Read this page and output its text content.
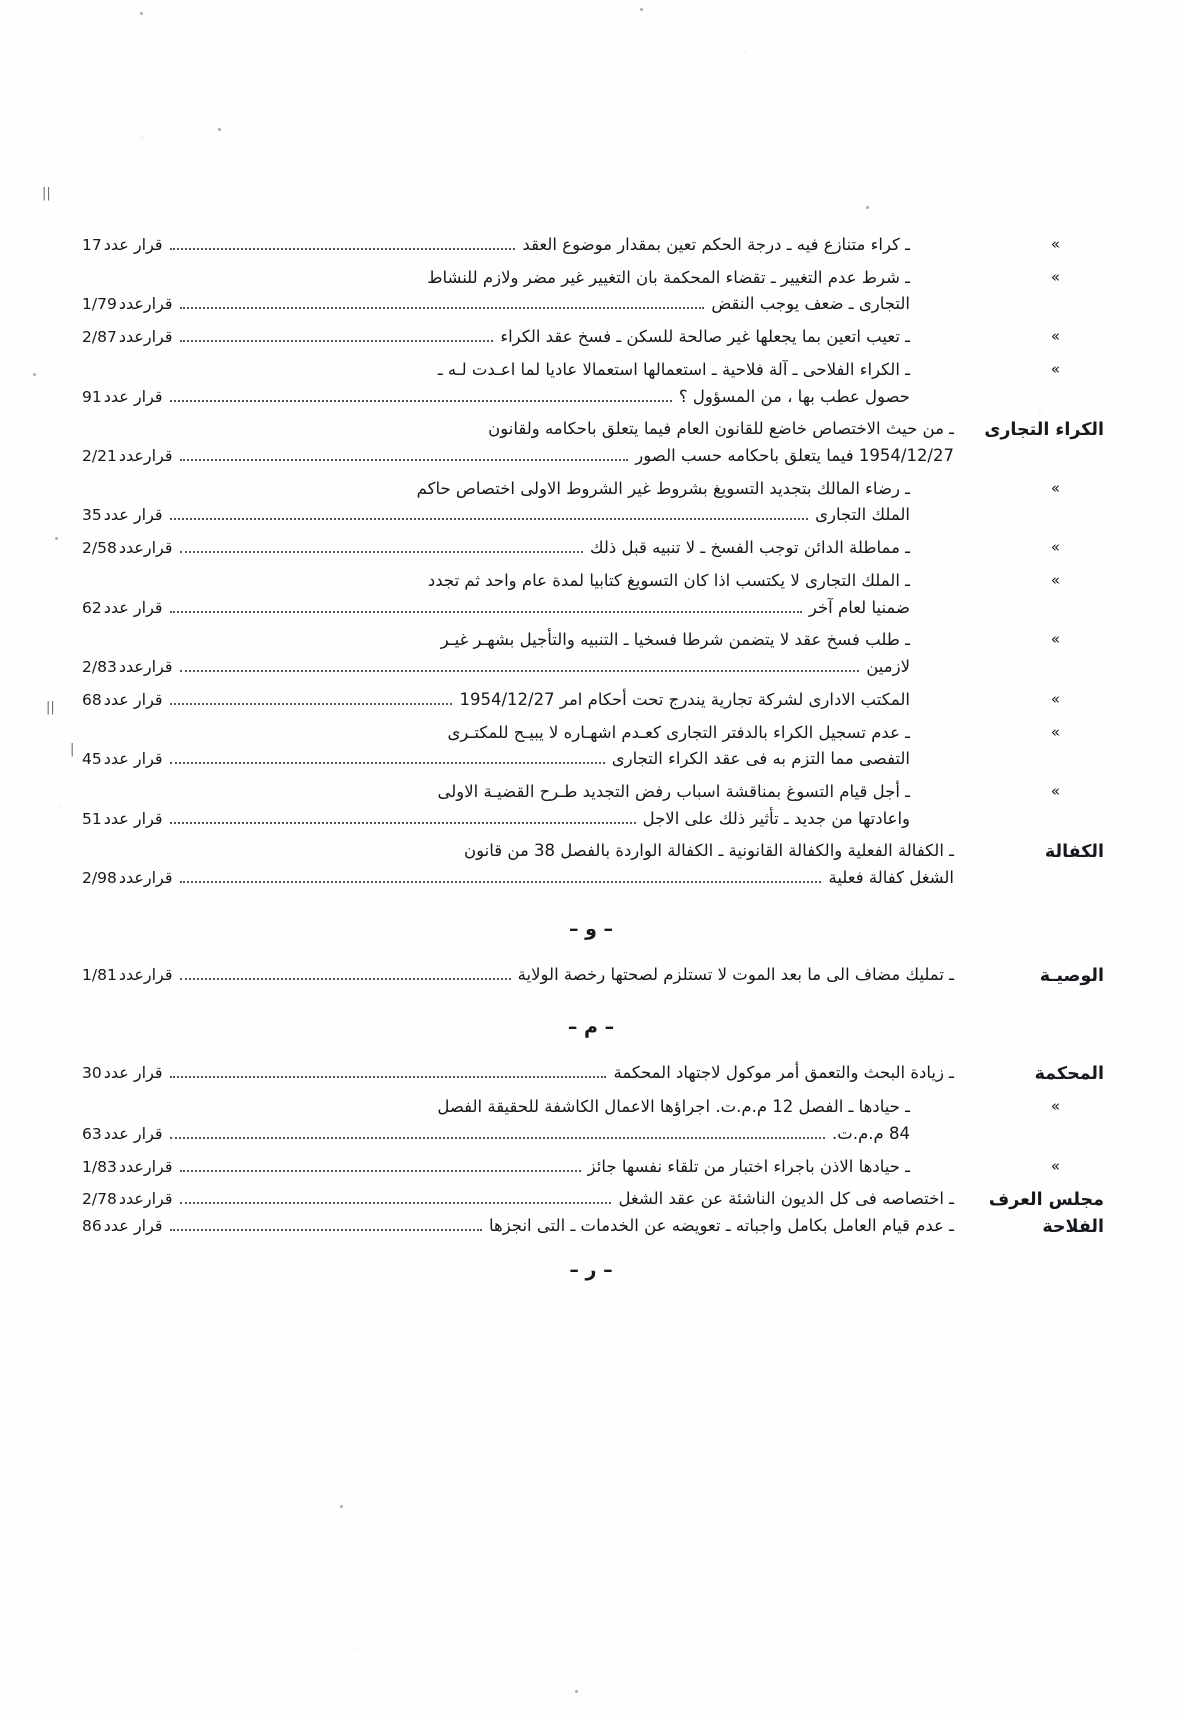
||
||
|
»
ـ كراء متنازع فيه ـ درجة الحكم تعين بمقدار موضوع العقد
قرار عدد
17
»
ـ شرط عدم التغيير ـ تقضاء المحكمة بان التغيير غير مضر ولازم للنشاط
التجارى ـ ضعف يوجب النقض
قرارعدد
1/79
»
ـ تعيب اتعين بما يجعلها غير صالحة للسكن ـ فسخ عقد الكراء
قرارعدد
2/87
»
ـ الكراء الفلاحى ـ آلة فلاحية ـ استعمالها استعمالا عاديا لما اعـدت لـه ـ
حصول عطب بها ، من المسؤول ؟
قرار عدد
91
الكراء التجارى
ـ من حيث الاختصاص خاضع للقانون العام فيما يتعلق باحكامه ولقانون
1954/12/27 فيما يتعلق باحكامه حسب الصور
قرارعدد
2/21
»
ـ رضاء المالك بتجديد التسويغ بشروط غير الشروط الاولى اختصاص حاكم
الملك التجارى
قرار عدد
35
»
ـ مماطلة الدائن توجب الفسخ ـ لا تنبيه قبل ذلك
قرارعدد
2/58
»
ـ الملك التجارى لا يكتسب اذا كان التسويغ كتابيا لمدة عام واحد ثم تجدد
ضمنيا لعام آخر
قرار عدد
62
»
ـ طلب فسخ عقد لا يتضمن شرطا فسخيا ـ التنبيه والتأجيل بشهـر غيـر
لازمين
قرارعدد
2/83
»
المكتب الادارى لشركة تجارية يندرج تحت أحكام امر 1954/12/27
قرار عدد
68
»
ـ عدم تسجيل الكراء بالدفتر التجارى كعـدم اشهـاره لا يبيـح للمكتـرى
التفصى مما التزم به فى عقد الكراء التجارى
قرار عدد
45
»
ـ أجل قيام التسوغ بمناقشة اسباب رفض التجديد طـرح القضيـة الاولى
واعادتها من جديد ـ تأثير ذلك على الاجل
قرار عدد
51
الكفالة
ـ الكفالة الفعلية والكفالة القانونية ـ الكفالة الواردة بالفصل 38 من قانون
الشغل كفالة فعلية
قرارعدد
2/98
– و –
الوصيـة
ـ تمليك مضاف الى ما بعد الموت لا تستلزم لصحتها رخصة الولاية
قرارعدد
1/81
– م –
المحكمة
ـ زيادة البحث والتعمق أمر موكول لاجتهاد المحكمة
قرار عدد
30
»
ـ حيادها ـ الفصل 12 م.م.ت. اجراؤها الاعمال الكاشفة للحقيقة الفصل
84 م.م.ت.
قرار عدد
63
»
ـ حيادها الاذن باجراء اختبار من تلقاء نفسها جائز
قرارعدد
1/83
مجلس العرف
الفلاحة
ـ اختصاصه فى كل الديون الناشئة عن عقد الشغل
قرارعدد
2/78
ـ عدم قيام العامل بكامل واجباته ـ تعويضه عن الخدمات ـ التى انجزها
قرار عدد
86
– ر –
